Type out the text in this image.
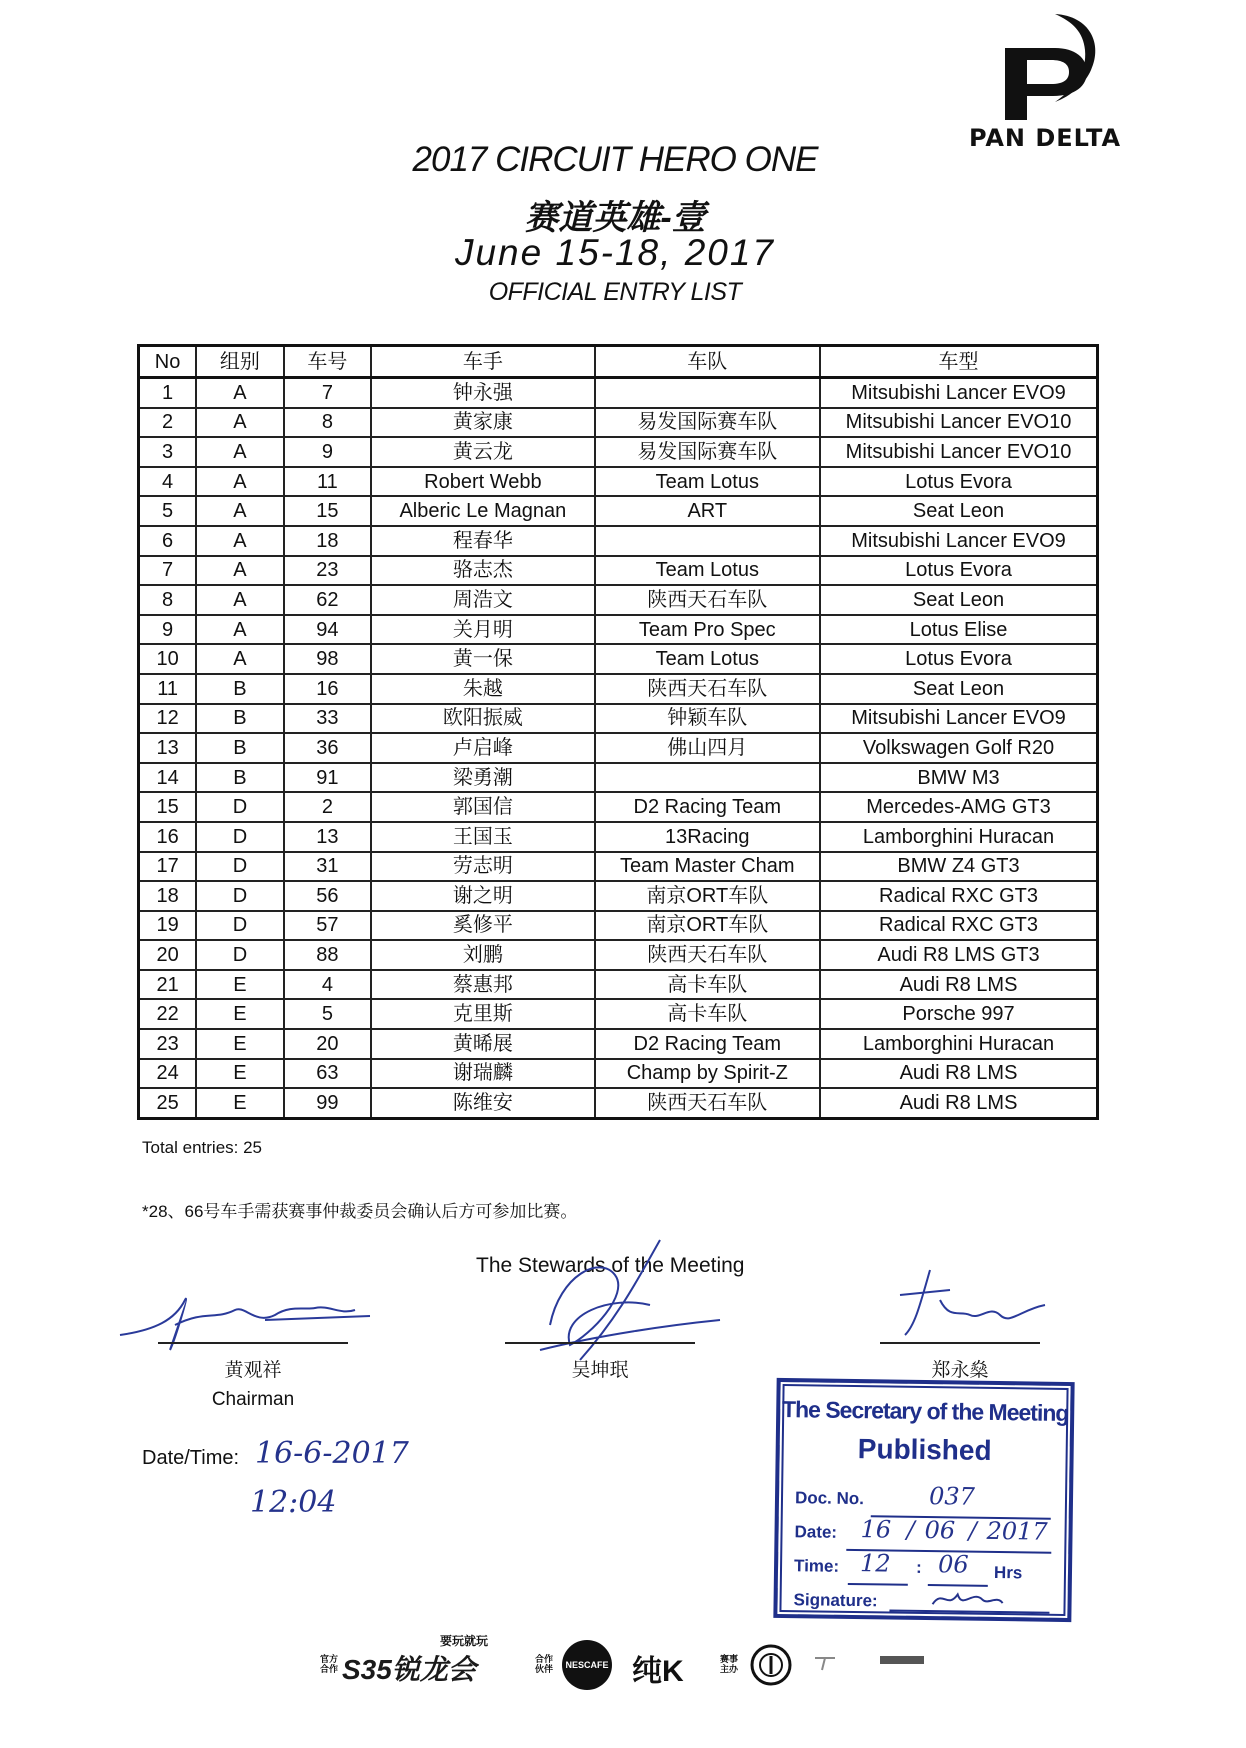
PAN DELTA
2017 CIRCUIT HERO ONE
赛道英雄-壹
June 15-18, 2017
OFFICIAL ENTRY LIST
No	组别	车号	车手	车队	车型
1	A	7	钟永强		Mitsubishi Lancer EVO9
2	A	8	黄家康	易发国际赛车队	Mitsubishi Lancer EVO10
3	A	9	黄云龙	易发国际赛车队	Mitsubishi Lancer EVO10
4	A	11	Robert Webb	Team Lotus	Lotus Evora
5	A	15	Alberic Le Magnan	ART	Seat Leon
6	A	18	程春华		Mitsubishi Lancer EVO9
7	A	23	骆志杰	Team Lotus	Lotus Evora
8	A	62	周浩文	陕西天石车队	Seat Leon
9	A	94	关月明	Team Pro Spec	Lotus Elise
10	A	98	黄一保	Team Lotus	Lotus Evora
11	B	16	朱越	陕西天石车队	Seat Leon
12	B	33	欧阳振威	钟颖车队	Mitsubishi Lancer EVO9
13	B	36	卢启峰	佛山四月	Volkswagen Golf R20
14	B	91	梁勇潮		BMW M3
15	D	2	郭国信	D2 Racing Team	Mercedes-AMG GT3
16	D	13	王国玉	13Racing	Lamborghini Huracan
17	D	31	劳志明	Team Master Cham	BMW Z4 GT3
18	D	56	谢之明	南京ORT车队	Radical RXC GT3
19	D	57	奚修平	南京ORT车队	Radical RXC GT3
20	D	88	刘鹏	陕西天石车队	Audi R8 LMS GT3
21	E	4	蔡惠邦	高卡车队	Audi R8 LMS
22	E	5	克里斯	高卡车队	Porsche 997
23	E	20	黄晞展	D2 Racing Team	Lamborghini Huracan
24	E	63	谢瑞麟	Champ by Spirit-Z	Audi R8 LMS
25	E	99	陈维安	陕西天石车队	Audi R8 LMS
Total entries: 25
*28、66号车手需获赛事仲裁委员会确认后方可参加比赛。
The Stewards of the Meeting
黄观祥
Chairman
吴坤珉	郑永燊
Date/Time: 16-6-2017
12:04
The Secretary of the Meeting
Published
Doc. No.	037
Date: 16 / 06 / 2017
Time: 12 : 06 Hrs
Signature:
官方
合作
要玩就玩
S35锐龙会	合作
伙伴	NESCAFE 纯K	赛事
主办
